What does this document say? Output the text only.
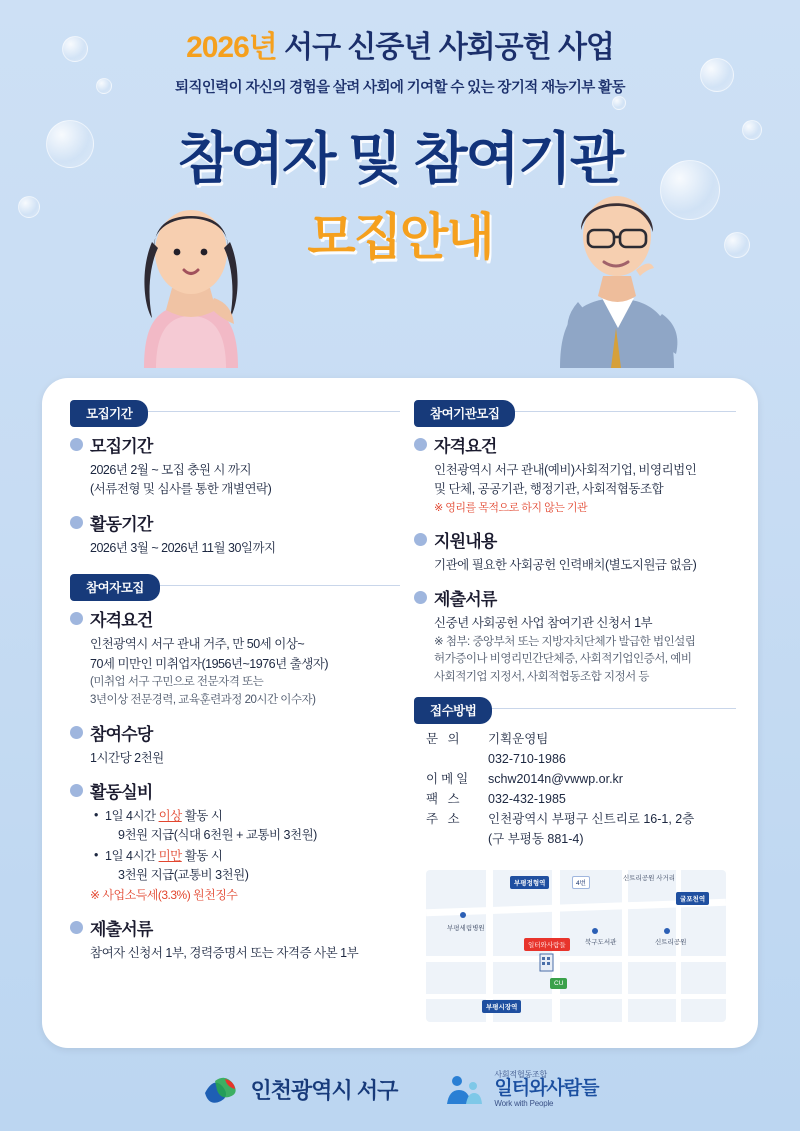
2026년 서구 신중년 사회공헌 사업
퇴직인력이 자신의 경험을 살려 사회에 기여할 수 있는 장기적 재능기부 활동
참여자 및 참여기관
모집안내
모집기간
모집기간
2026년 2월 ~ 모집 충원 시 까지
(서류전형 및 심사를 통한 개별연락)
활동기간
2026년 3월 ~ 2026년 11월 30일까지
참여자모집
자격요건
인천광역시 서구 관내 거주, 만 50세 이상~
70세 미만인 미취업자(1956년~1976년 출생자)
(미취업 서구 구민으로 전문자격 또는
3년이상 전문경력, 교육훈련과정 20시간 이수자)
참여수당
1시간당 2천원
활동실비
• 1일 4시간 이상 활동 시
9천원 지급(식대 6천원 + 교통비 3천원)
• 1일 4시간 미만 활동 시
3천원 지급(교통비 3천원)
※ 사업소득세(3.3%) 원천징수
제출서류
참여자 신청서 1부, 경력증명서 또는 자격증 사본 1부
참여기관모집
자격요건
인천광역시 서구 관내(예비)사회적기업, 비영리법인
및 단체, 공공기관, 행정기관, 사회적협동조합
※ 영리를 목적으로 하지 않는 기관
지원내용
기관에 필요한 사회공헌 인력배치(별도지원금 없음)
제출서류
신중년 사회공헌 사업 참여기관 신청서 1부
※ 첨부: 중앙부처 또는 지방자치단체가 발급한 법인설립
허가증이나 비영리민간단체증, 사회적기업인증서, 예비
사회적기업 지정서, 사회적협동조합 지정서 등
접수방법
문 의	기획운영팀
032-710-1986
이메일	schw2014n@vwwp.or.kr
팩 스	032-432-1985
주 소	인천광역시 부평구 신트리로 16-1, 2층
(구 부평동 881-4)
부평정형역	4번
신트리공원 사거리
굴포천역
부평세림병원
일터와사람들	북구도서관	신트리공원
CU
부평시장역
인천광역시 서구
사회적협동조합
일터와사람들
Work with People
